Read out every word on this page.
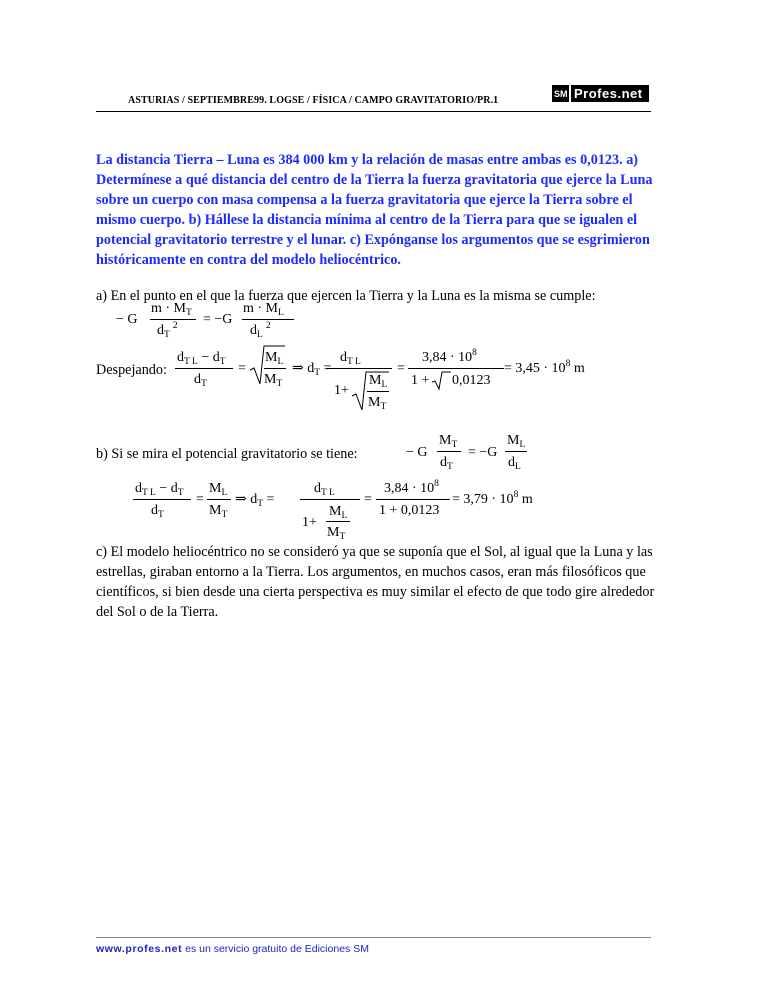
ASTURIAS / SEPTIEMBRE99. LOGSE / FÍSICA / CAMPO GRAVITATORIO/PR.1
SM Profes.net
La distancia Tierra – Luna es 384 000 km y la relación de masas entre ambas es 0,0123. a) Determínese a qué distancia del centro de la Tierra la fuerza gravitatoria que ejerce la Luna sobre un cuerpo con masa compensa a la fuerza gravitatoria que ejerce la Tierra sobre el mismo cuerpo. b) Hállese la distancia mínima al centro de la Tierra para que se igualen el potencial gravitatorio terrestre y el lunar. c) Expónganse los argumentos que se esgrimieron históricamente en contra del modelo heliocéntrico.
a) En el punto en el que la fuerza que ejercen la Tierra y la Luna es la misma se cumple:
− G
$m \cdot M_T$
$d_T^2 = -G$
$m \cdot M_L$
$d_L^2$
Despejando:
$d_{T L} - d_T$
$d_T$
=
$M_L$
$M_T$
⇒ $d_T$ =
$d_{T L}$
1+
$M_L$
$M_T$
=
$3,84 \cdot 10^8$
1 + 0,0123
= $3,45 \cdot 10^8$ m
b) Si se mira el potencial gravitatorio se tiene:	− G
$M_T$
$d_T$
= −G
$M_L$
$d_L$
$d_{T L} - d_T$
$d_T$
=
$M_L$
$M_T$
⇒ $d_T$ =
$d_{T L}$
1+
$M_L$
$M_T$
=
$3,84 \cdot 10^8$
1 + 0,0123
= $3,79 \cdot 10^8$ m
c) El modelo heliocéntrico no se consideró ya que se suponía que el Sol, al igual que la Luna y las estrellas, giraban entorno a la Tierra. Los argumentos, en muchos casos, eran más filosóficos que científicos, si bien desde una cierta perspectiva es muy similar el efecto de que todo gire alrededor del Sol o de la Tierra.
www.profes.net es un servicio gratuito de Ediciones SM
